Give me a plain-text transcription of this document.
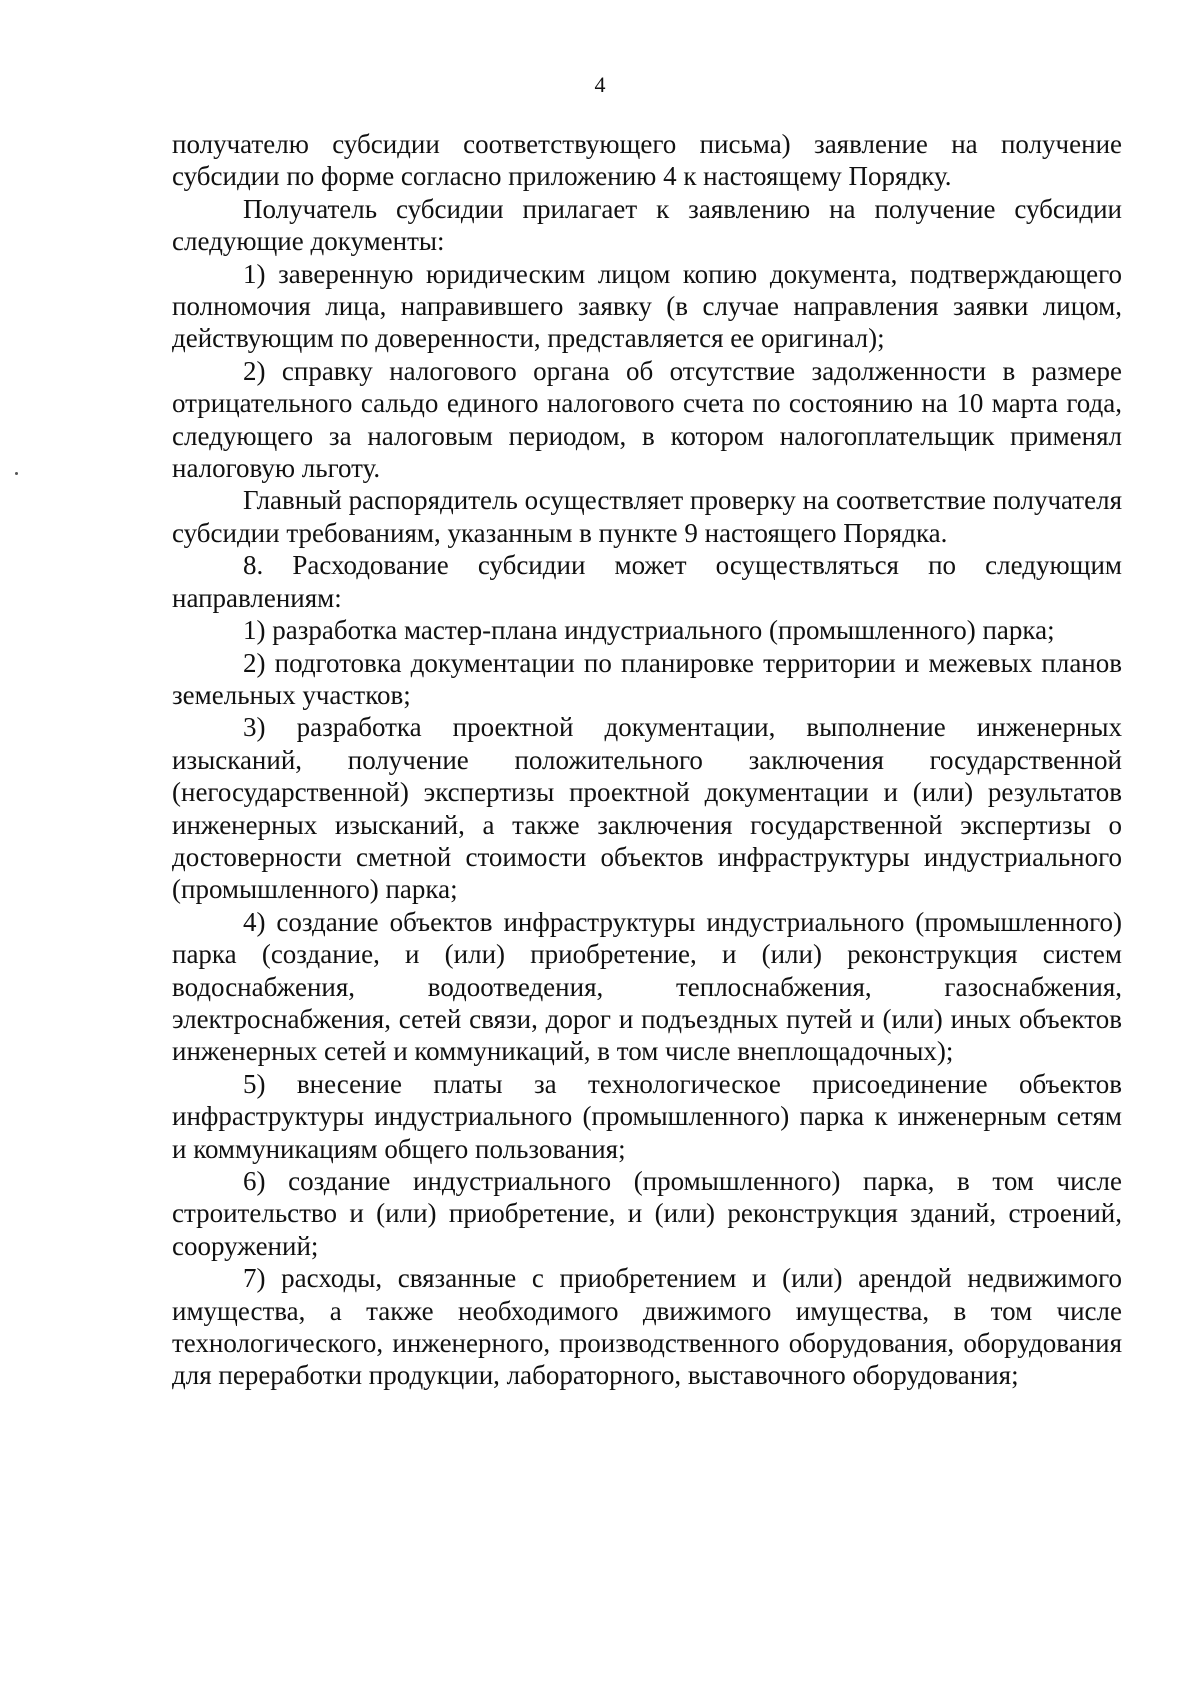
4

получателю субсидии соответствующего письма) заявление на получение субсидии по форме согласно приложению 4 к настоящему Порядку.

Получатель субсидии прилагает к заявлению на получение субсидии следующие документы:

1) заверенную юридическим лицом копию документа, подтверждающего полномочия лица, направившего заявку (в случае направления заявки лицом, действующим по доверенности, представляется ее оригинал);

2) справку налогового органа об отсутствие задолженности в размере отрицательного сальдо единого налогового счета по состоянию на 10 марта года, следующего за налоговым периодом, в котором налогоплательщик применял налоговую льготу.

Главный распорядитель осуществляет проверку на соответствие получателя субсидии требованиям, указанным в пункте 9 настоящего Порядка.

8. Расходование субсидии может осуществляться по следующим направлениям:

1) разработка мастер-плана индустриального (промышленного) парка;

2) подготовка документации по планировке территории и межевых планов земельных участков;

3) разработка проектной документации, выполнение инженерных изысканий, получение положительного заключения государственной (негосударственной) экспертизы проектной документации и (или) результатов инженерных изысканий, а также заключения государственной экспертизы о достоверности сметной стоимости объектов инфраструктуры индустриального (промышленного) парка;

4) создание объектов инфраструктуры индустриального (промышленного) парка (создание, и (или) приобретение, и (или) реконструкция систем водоснабжения, водоотведения, теплоснабжения, газоснабжения, электроснабжения, сетей связи, дорог и подъездных путей и (или) иных объектов инженерных сетей и коммуникаций, в том числе внеплощадочных);

5) внесение платы за технологическое присоединение объектов инфраструктуры индустриального (промышленного) парка к инженерным сетям и коммуникациям общего пользования;

6) создание индустриального (промышленного) парка, в том числе строительство и (или) приобретение, и (или) реконструкция зданий, строений, сооружений;

7) расходы, связанные с приобретением и (или) арендой недвижимого имущества, а также необходимого движимого имущества, в том числе технологического, инженерного, производственного оборудования, оборудования для переработки продукции, лабораторного, выставочного оборудования;
